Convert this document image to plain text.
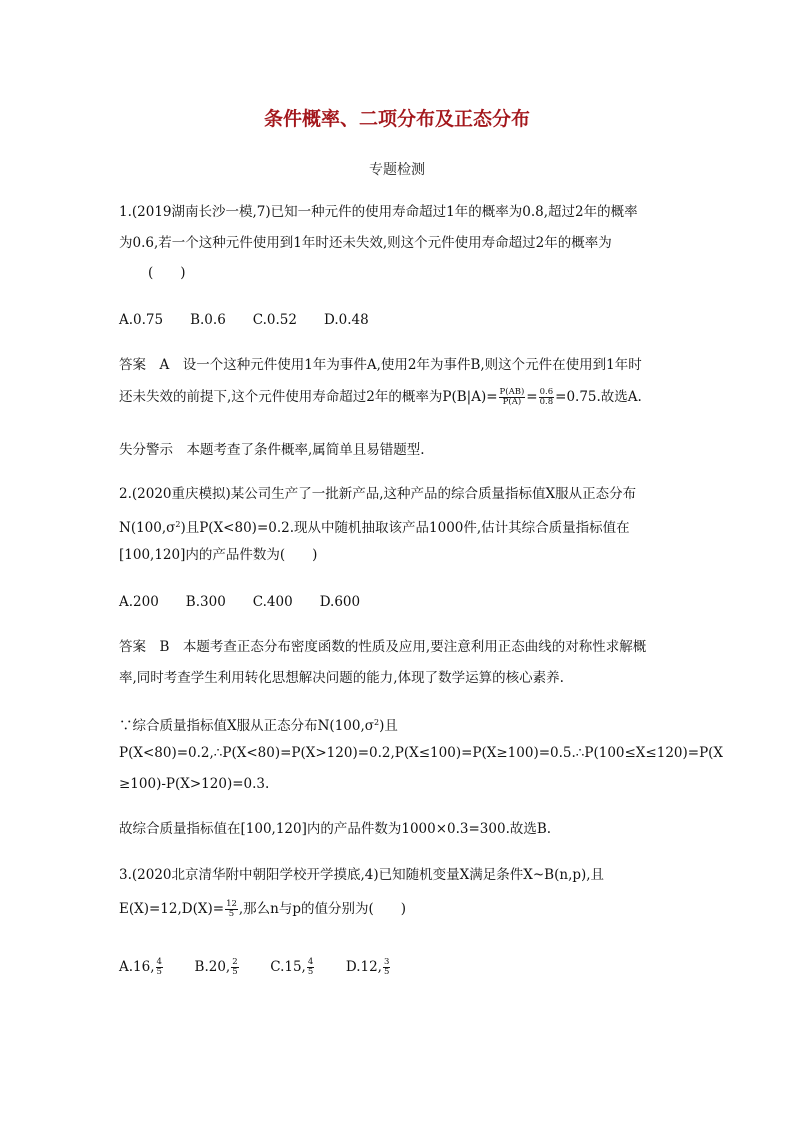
条件概率、二项分布及正态分布
专题检测
1.(2019湖南长沙一模,7)已知一种元件的使用寿命超过1年的概率为0.8,超过2年的概率
为0.6,若一个这种元件使用到1年时还未失效,则这个元件使用寿命超过2年的概率为
(　　)
A.0.75　　B.0.6　　C.0.52　　D.0.48
答案　A　设一个这种元件使用1年为事件A,使用2年为事件B,则这个元件在使用到1年时
还未失效的前提下,这个元件使用寿命超过2年的概率为$P(B|A)= \frac{P(AB)}{P(A)} = \frac{0.6}{0.8} =0.75$.故选A.
失分警示　本题考查了条件概率,属简单且易错题型.
2.(2020重庆模拟)某公司生产了一批新产品,这种产品的综合质量指标值X服从正态分布
$N(100,\sigma^2)$且P(X<80)=0.2.现从中随机抽取该产品1000件,估计其综合质量指标值在
[100,120]内的产品件数为(　　)
A.200　　B.300　　C.400　　D.600
答案　B　本题考查正态分布密度函数的性质及应用,要注意利用正态曲线的对称性求解概
率,同时考查学生利用转化思想解决问题的能力,体现了数学运算的核心素养.
∵综合质量指标值X服从正态分布$N(100,\sigma^2)$且
P(X<80)=0.2,∴P(X<80)=P(X>120)=0.2,P(X≤100)=P(X≥100)=0.5.∴P(100≤X≤120)=P(X
≥100)-P(X>120)=0.3.
故综合质量指标值在[100,120]内的产品件数为1000×0.3=300.故选B.
3.(2020北京清华附中朝阳学校开学摸底,4)已知随机变量X满足条件X~B(n,p),且
$E(X)=12,D(X)= \frac{12}{5}$ ,那么n与p的值分别为(　　)
A.16, $\frac{4}{5} B.20$, $\frac{2}{5} C.15$, $\frac{4}{5} D.12$, $\frac{3}{5}$
